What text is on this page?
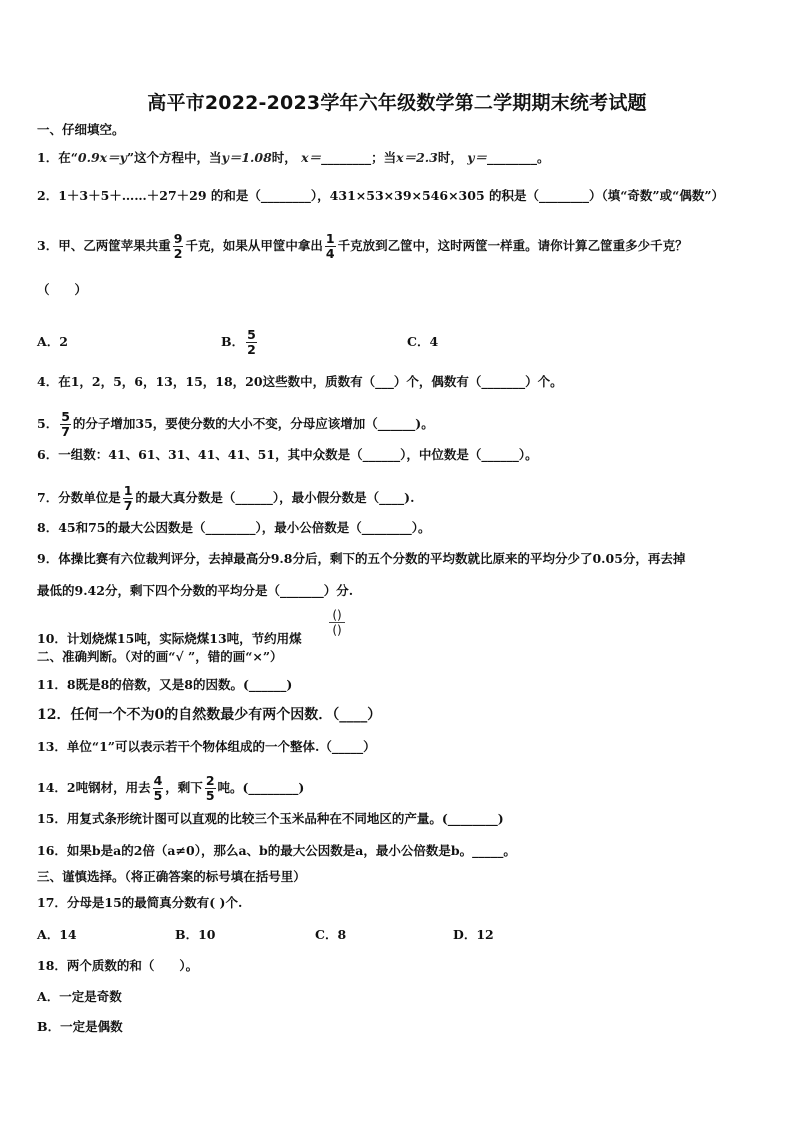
高平市2022-2023学年六年级数学第二学期期末统考试题
一、仔细填空。
1．在“0.9x＝y”这个方程中，当y＝1.08时， x＝________；当x＝2.3时， y＝________。
2．1＋3＋5＋……＋27＋29 的和是（________），431×53×39×546×305 的积是（________）（填“奇数”或“偶数”）
3．甲、乙两筐苹果共重 $\frac{9}{2}$ 千克，如果从甲筐中拿出 $\frac{1}{4}$ 千克放到乙筐中，这时两筐一样重。请你计算乙筐重多少千克？
（　　）
A．2	B． $\frac{5}{2}$	C．4
4．在1，2，5，6，13，15，18，20这些数中，质数有（___）个，偶数有（_______）个。
5． $\frac{5}{7}$ 的分子增加35，要使分数的大小不变，分母应该增加（______)。
6．一组数：41、61、31、41、41、51，其中众数是（______），中位数是（______）。
7．分数单位是 $\frac{1}{7}$ 的最大真分数是（______），最小假分数是（____).
8．45和75的最大公因数是（________），最小公倍数是（________）。
9．体操比赛有六位裁判评分，去掉最高分9.8分后，剩下的五个分数的平均数就比原来的平均分少了0.05分，再去掉
最低的9.42分，剩下四个分数的平均分是（_______）分.
10．计划烧煤15吨，实际烧煤13吨，节约用煤
()
()
二、准确判断。（对的画“√ ”，错的画“×”）
11．8既是8的倍数，又是8的因数。(______)
12．任何一个不为0的自然数最少有两个因数．（____）
13．单位“1”可以表示若干个物体组成的一个整体.（_____）
14．2吨钢材，用去 $\frac{4}{5}$ ，剩下 $\frac{2}{5}$ 吨。(________)
15．用复式条形统计图可以直观的比较三个玉米品种在不同地区的产量。(________)
16．如果b是a的2倍（a≠0），那么a、b的最大公因数是a，最小公倍数是b。_____。
三、谨慎选择。（将正确答案的标号填在括号里）
17．分母是15的最简真分数有( )个.
A．14	B．10	C．8	D．12
18．两个质数的和（　　）。
A．一定是奇数
B．一定是偶数
